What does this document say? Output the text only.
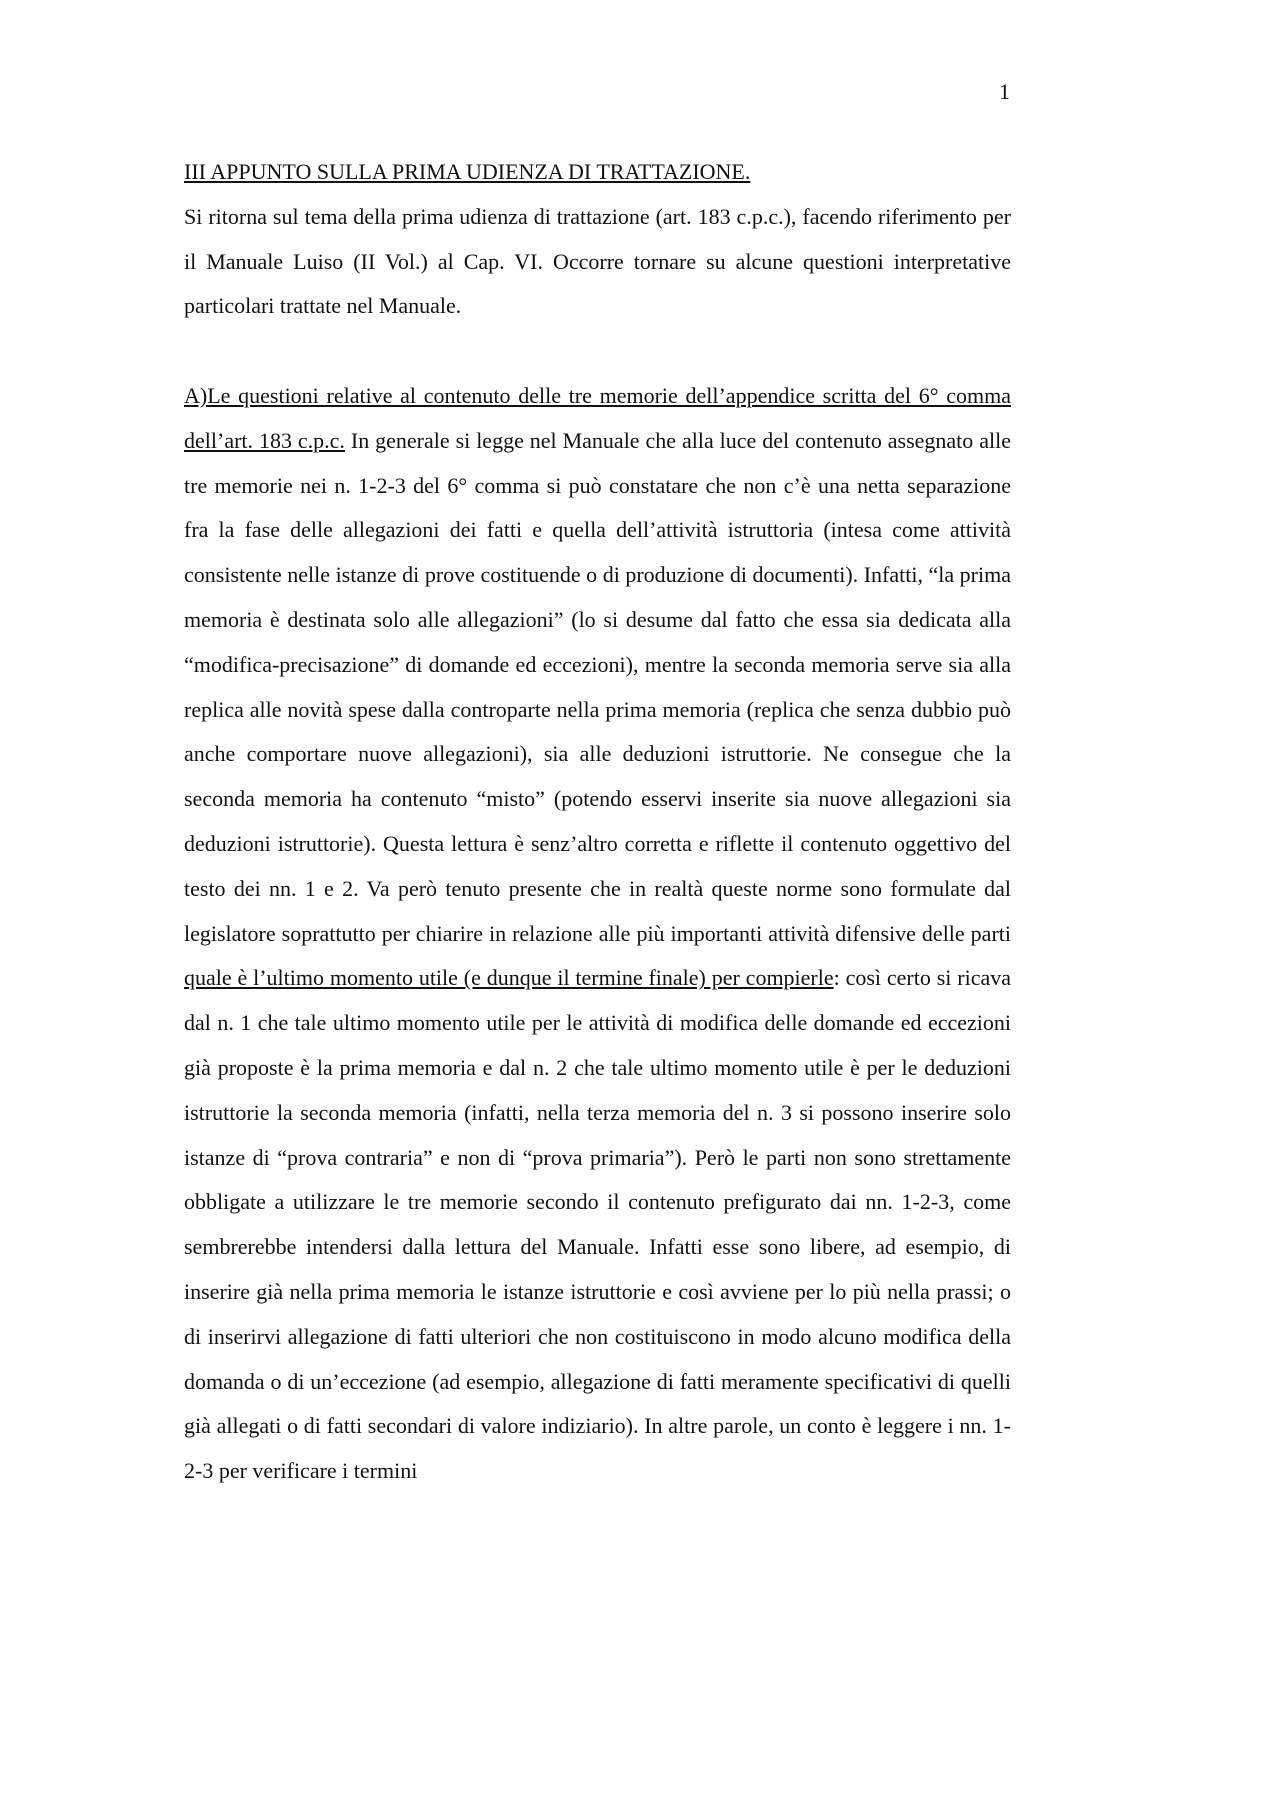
1

III APPUNTO SULLA PRIMA UDIENZA DI TRATTAZIONE.

Si ritorna sul tema della prima udienza di trattazione (art. 183 c.p.c.), facendo riferimento per il Manuale Luiso (II Vol.) al Cap. VI. Occorre tornare su alcune questioni interpretative particolari trattate nel Manuale.

A)Le questioni relative al contenuto delle tre memorie dell’appendice scritta del 6° comma dell’art. 183 c.p.c. In generale si legge nel Manuale che alla luce del contenuto assegnato alle tre memorie nei n. 1-2-3 del 6° comma si può constatare che non c’è una netta separazione fra la fase delle allegazioni dei fatti e quella dell’attività istruttoria (intesa come attività consistente nelle istanze di prove costituende o di produzione di documenti). Infatti, “la prima memoria è destinata solo alle allegazioni” (lo si desume dal fatto che essa sia dedicata alla “modifica-precisazione” di domande ed eccezioni), mentre la seconda memoria serve sia alla replica alle novità spese dalla controparte nella prima memoria (replica che senza dubbio può anche comportare nuove allegazioni), sia alle deduzioni istruttorie. Ne consegue che la seconda memoria ha contenuto “misto” (potendo esservi inserite sia nuove allegazioni sia deduzioni istruttorie). Questa lettura è senz’altro corretta e riflette il contenuto oggettivo del testo dei nn. 1 e 2. Va però tenuto presente che in realtà queste norme sono formulate dal legislatore soprattutto per chiarire in relazione alle più importanti attività difensive delle parti quale è l’ultimo momento utile (e dunque il termine finale) per compierle: così certo si ricava dal n. 1 che tale ultimo momento utile per le attività di modifica delle domande ed eccezioni già proposte è la prima memoria e dal n. 2 che tale ultimo momento utile è per le deduzioni istruttorie la seconda memoria (infatti, nella terza memoria del n. 3 si possono inserire solo istanze di “prova contraria” e non di “prova primaria”). Però le parti non sono strettamente obbligate a utilizzare le tre memorie secondo il contenuto prefigurato dai nn. 1-2-3, come sembrerebbe intendersi dalla lettura del Manuale. Infatti esse sono libere, ad esempio, di inserire già nella prima memoria le istanze istruttorie e così avviene per lo più nella prassi; o di inserirvi allegazione di fatti ulteriori che non costituiscono in modo alcuno modifica della domanda o di un’eccezione (ad esempio, allegazione di fatti meramente specificativi di quelli già allegati o di fatti secondari di valore indiziario). In altre parole, un conto è leggere i nn. 1-2-3 per verificare i termini
